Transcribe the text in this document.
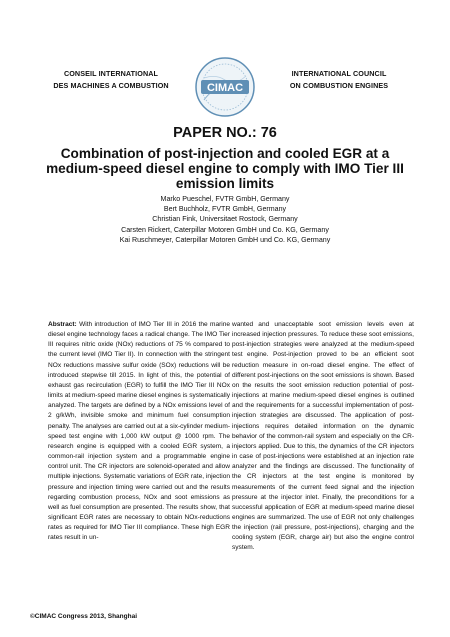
CONSEIL INTERNATIONAL
DES MACHINES A COMBUSTION	CIMAC
INTERNATIONAL COUNCIL
ON COMBUSTION ENGINES
PAPER NO.: 76
Combination of post-injection and cooled EGR at a medium-speed diesel engine to comply with IMO Tier III emission limits
Marko Pueschel, FVTR GmbH, Germany
Bert Buchholz, FVTR GmbH, Germany
Christian Fink, Universitaet Rostock, Germany
Carsten Rickert, Caterpillar Motoren GmbH und Co. KG, Germany
Kai Ruschmeyer, Caterpillar Motoren GmbH und Co. KG, Germany

Abstract: With introduction of IMO Tier III in 2016 the marine diesel engine technology faces a radical change. The IMO Tier III requires nitric oxide (NOx) reductions of 75 % compared to the current level (IMO Tier II). In connection with the stringent NOx reductions massive sulfur oxide (SOx) reductions will be introduced stepwise till 2015. In light of this, the potential of exhaust gas recirculation (EGR) to fulfill the IMO Tier III NOx limits at medium-speed marine diesel engines is systematically analyzed. The targets are defined by a NOx emissions level of 2 g/kWh, invisible smoke and minimum fuel consumption penalty. The analyses are carried out at a six-cylinder medium-speed test engine with 1,000 kW output @ 1000 rpm. The research engine is equipped with a cooled EGR system, a common-rail injection system and a programmable engine control unit. The CR injectors are solenoid-operated and allow multiple injections. Systematic variations of EGR rate, injection pressure and injection timing were carried out and the results regarding combustion process, NOx and soot emissions as well as fuel consumption are presented. The results show, that significant EGR rates are necessary to obtain NOx-reductions rates as required for IMO Tier III compliance. These high EGR rates result in un-

wanted and unacceptable soot emission levels even at increased injection pressures. To reduce these soot emissions, post-injection strategies were analyzed at the medium-speed test engine. Post-injection proved to be an efficient soot reduction measure in on-road diesel engine. The effect of different post-injections on the soot emissions is shown. Based on the results the soot emission reduction potential of post-injections at marine medium-speed diesel engines is outlined and the requirements for a successful implementation of post-injection strategies are discussed. The application of post-injections requires detailed information on the dynamic behavior of the common-rail system and especially on the CR-injectors applied. Due to this, the dynamics of the CR injectors in case of post-injections were established at an injection rate analyzer and the findings are discussed. The functionality of the CR injectors at the test engine is monitored by measurements of the current feed signal and the injection pressure at the injector inlet. Finally, the preconditions for a successful application of EGR at medium-speed marine diesel engines are summarized. The use of EGR not only challenges the injection (rail pressure, post-injections), charging and the cooling system (EGR, charge air) but also the engine control system.

©CIMAC Congress 2013, Shanghai
